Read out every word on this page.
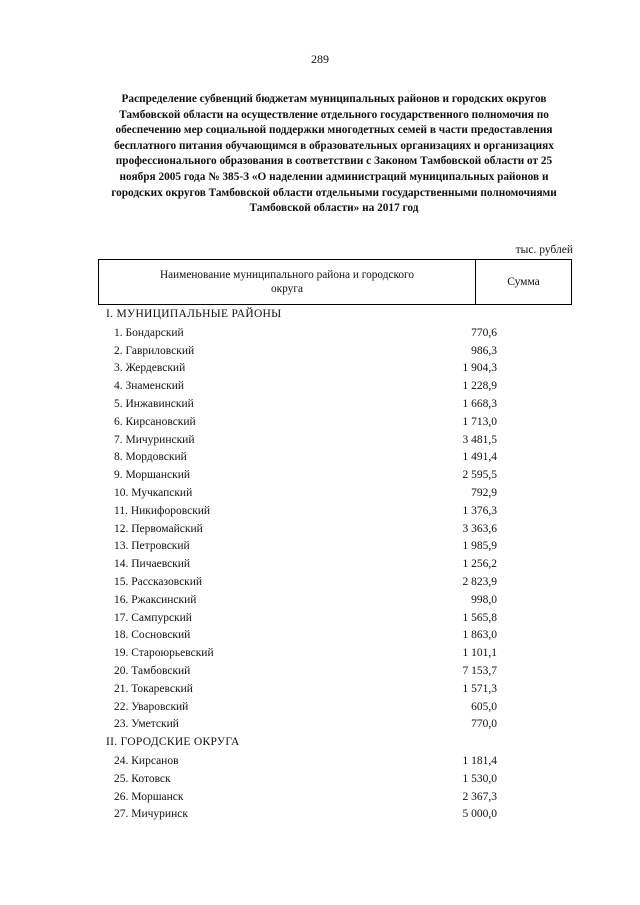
289
Распределение субвенций бюджетам муниципальных районов и городских округов Тамбовской области на осуществление отдельного государственного полномочия по обеспечению мер социальной поддержки многодетных семей в части предоставления бесплатного питания обучающимся в образовательных организациях и организациях профессионального образования в соответствии с Законом Тамбовской области от 25 ноября 2005 года № 385-З «О наделении администраций муниципальных районов и городских округов Тамбовской области отдельными государственными полномочиями Тамбовской области» на 2017 год
тыс. рублей
Наименование муниципального района и городского округа
Сумма
I. МУНИЦИПАЛЬНЫЕ РАЙОНЫ
1. Бондарский	770,6
2. Гавриловский	986,3
3. Жердевский	1 904,3
4. Знаменский	1 228,9
5. Инжавинский	1 668,3
6. Кирсановский	1 713,0
7. Мичуринский	3 481,5
8. Мордовский	1 491,4
9. Моршанский	2 595,5
10. Мучкапский	792,9
11. Никифоровский	1 376,3
12. Первомайский	3 363,6
13. Петровский	1 985,9
14. Пичаевский	1 256,2
15. Рассказовский	2 823,9
16. Ржаксинский	998,0
17. Сампурский	1 565,8
18. Сосновский	1 863,0
19. Староюрьевский	1 101,1
20. Тамбовский	7 153,7
21. Токаревский	1 571,3
22. Уваровский	605,0
23. Уметский	770,0
II. ГОРОДСКИЕ ОКРУГА
24. Кирсанов	1 181,4
25. Котовск	1 530,0
26. Моршанск	2 367,3
27. Мичуринск	5 000,0
